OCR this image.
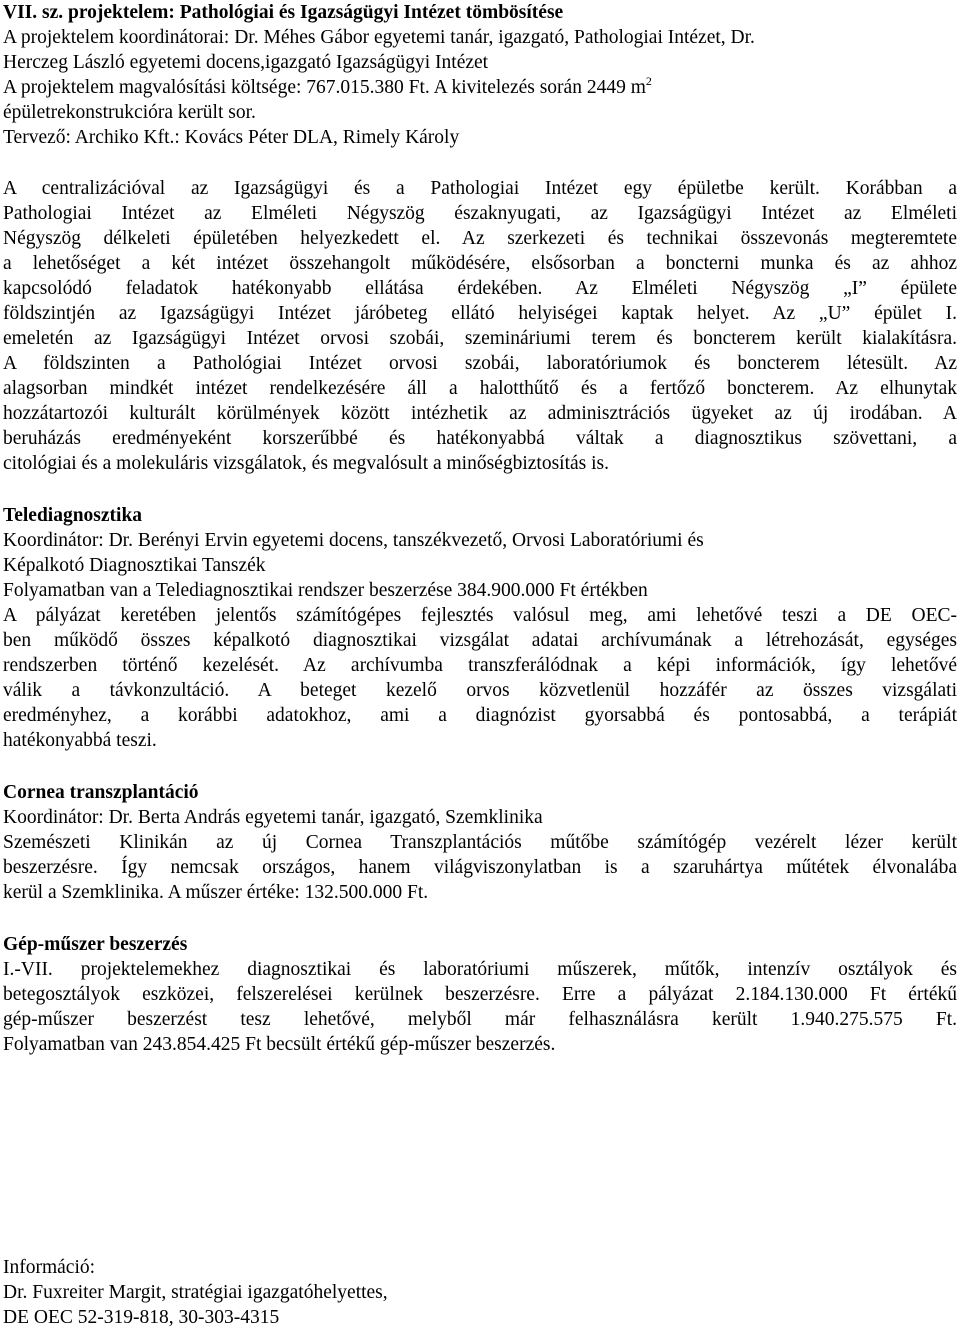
VII. sz. projektelem: Pathológiai és Igazságügyi Intézet tömbösítése
A projektelem koordinátorai: Dr. Méhes Gábor egyetemi tanár, igazgató, Pathologiai Intézet, Dr.
Herczeg László egyetemi docens,igazgató Igazságügyi Intézet
A projektelem magvalósítási költsége: 767.015.380 Ft. A kivitelezés során 2449 $m^2$
épületrekonstrukcióra került sor.
Tervező: Archiko Kft.: Kovács Péter DLA, Rimely Károly
A centralizációval az Igazságügyi és a Pathologiai Intézet egy épületbe került. Korábban a
Pathologiai Intézet az Elméleti Négyszög északnyugati, az Igazságügyi Intézet az Elméleti
Négyszög délkeleti épületében helyezkedett el. Az szerkezeti és technikai összevonás megteremtete
a lehetőséget a két intézet összehangolt működésére, elsősorban a boncterni munka és az ahhoz
kapcsolódó feladatok hatékonyabb ellátása érdekében. Az Elméleti Négyszög „I” épülete
földszintjén az Igazságügyi Intézet járóbeteg ellátó helyiségei kaptak helyet. Az „U” épület I.
emeletén az Igazságügyi Intézet orvosi szobái, szemináriumi terem és boncterem került kialakításra.
A földszinten a Pathológiai Intézet orvosi szobái, laboratóriumok és boncterem létesült. Az
alagsorban mindkét intézet rendelkezésére áll a halotthűtő és a fertőző boncterem. Az elhunytak
hozzátartozói kulturált körülmények között intézhetik az adminisztrációs ügyeket az új irodában. A
beruházás eredményeként korszerűbbé és hatékonyabbá váltak a diagnosztikus szövettani, a
citológiai és a molekuláris vizsgálatok, és megvalósult a minőségbiztosítás is.
Telediagnosztika
Koordinátor: Dr. Berényi Ervin egyetemi docens, tanszékvezető, Orvosi Laboratóriumi és
Képalkotó Diagnosztikai Tanszék
Folyamatban van a Telediagnosztikai rendszer beszerzése 384.900.000 Ft értékben
A pályázat keretében jelentős számítógépes fejlesztés valósul meg, ami lehetővé teszi a DE OEC-
ben működő összes képalkotó diagnosztikai vizsgálat adatai archívumának a létrehozását, egységes
rendszerben történő kezelését. Az archívumba transzferálódnak a képi információk, így lehetővé
válik a távkonzultáció. A beteget kezelő orvos közvetlenül hozzáfér az összes vizsgálati
eredményhez, a korábbi adatokhoz, ami a diagnózist gyorsabbá és pontosabbá, a terápiát
hatékonyabbá teszi.
Cornea transzplantáció
Koordinátor: Dr. Berta András egyetemi tanár, igazgató, Szemklinika
Szemészeti Klinikán az új Cornea Transzplantációs műtőbe számítógép vezérelt lézer került
beszerzésre. Így nemcsak országos, hanem világviszonylatban is a szaruhártya műtétek élvonalába
kerül a Szemklinika. A műszer értéke: 132.500.000 Ft.
Gép-műszer beszerzés
I.-VII. projektelemekhez diagnosztikai és laboratóriumi műszerek, műtők, intenzív osztályok és
betegosztályok eszközei, felszerelései kerülnek beszerzésre. Erre a pályázat 2.184.130.000 Ft értékű
gép-műszer beszerzést tesz lehetővé, melyből már felhasználásra került 1.940.275.575 Ft.
Folyamatban van 243.854.425 Ft becsült értékű gép-műszer beszerzés.
Információ:
Dr. Fuxreiter Margit, stratégiai igazgatóhelyettes,
DE OEC 52-319-818, 30-303-4315
